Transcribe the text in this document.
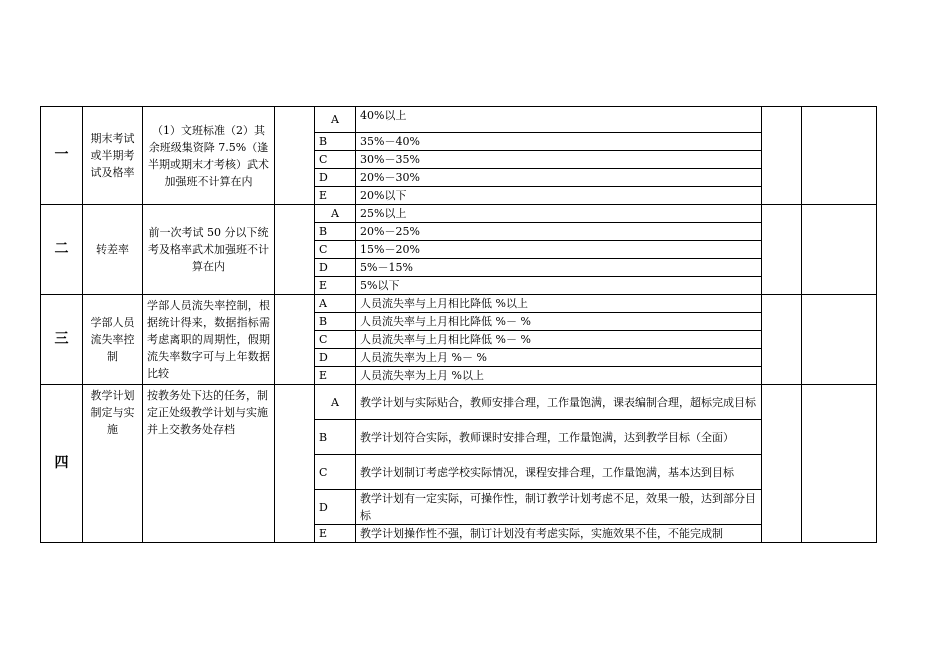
一	期末考试或半期考试及格率	（1）文班标准（2）其余班级集资降 7.5%（逢半期或期末才考核）武术加强班不计算在内		A	40%以上		
				B	35%－40%		
				C	30%－35%		
				D	20%－30%		
				E	20%以下		
二	转差率	前一次考试 50 分以下统考及格率武术加强班不计算在内		A	25%以上		
				B	20%－25%		
				C	15%－20%		
				D	5%－15%		
				E	5%以下		
三	学部人员流失率控制	学部人员流失率控制，根据统计得来，数据指标需考虑离职的周期性，假期流失率数字可与上年数据比较		A	人员流失率与上月相比降低 %以上		
				B	人员流失率与上月相比降低 %－ %		
				C	人员流失率与上月相比降低 %－ %		
				D	人员流失率为上月 %－ %		
				E	人员流失率为上月 %以上		
四	教学计划制定与实施	按教务处下达的任务，制定正处级教学计划与实施并上交教务处存档		A	教学计划与实际贴合，教师安排合理，工作量饱满，课表编制合理，超标完成目标		
				B	教学计划符合实际，教师课时安排合理，工作量饱满，达到教学目标（全面）		
				C	教学计划制订考虑学校实际情况，课程安排合理，工作量饱满，基本达到目标		
				D	教学计划有一定实际，可操作性，制订教学计划考虑不足，效果一般，达到部分目标		
				E	教学计划操作性不强，制订计划没有考虑实际，实施效果不佳，不能完成制		
